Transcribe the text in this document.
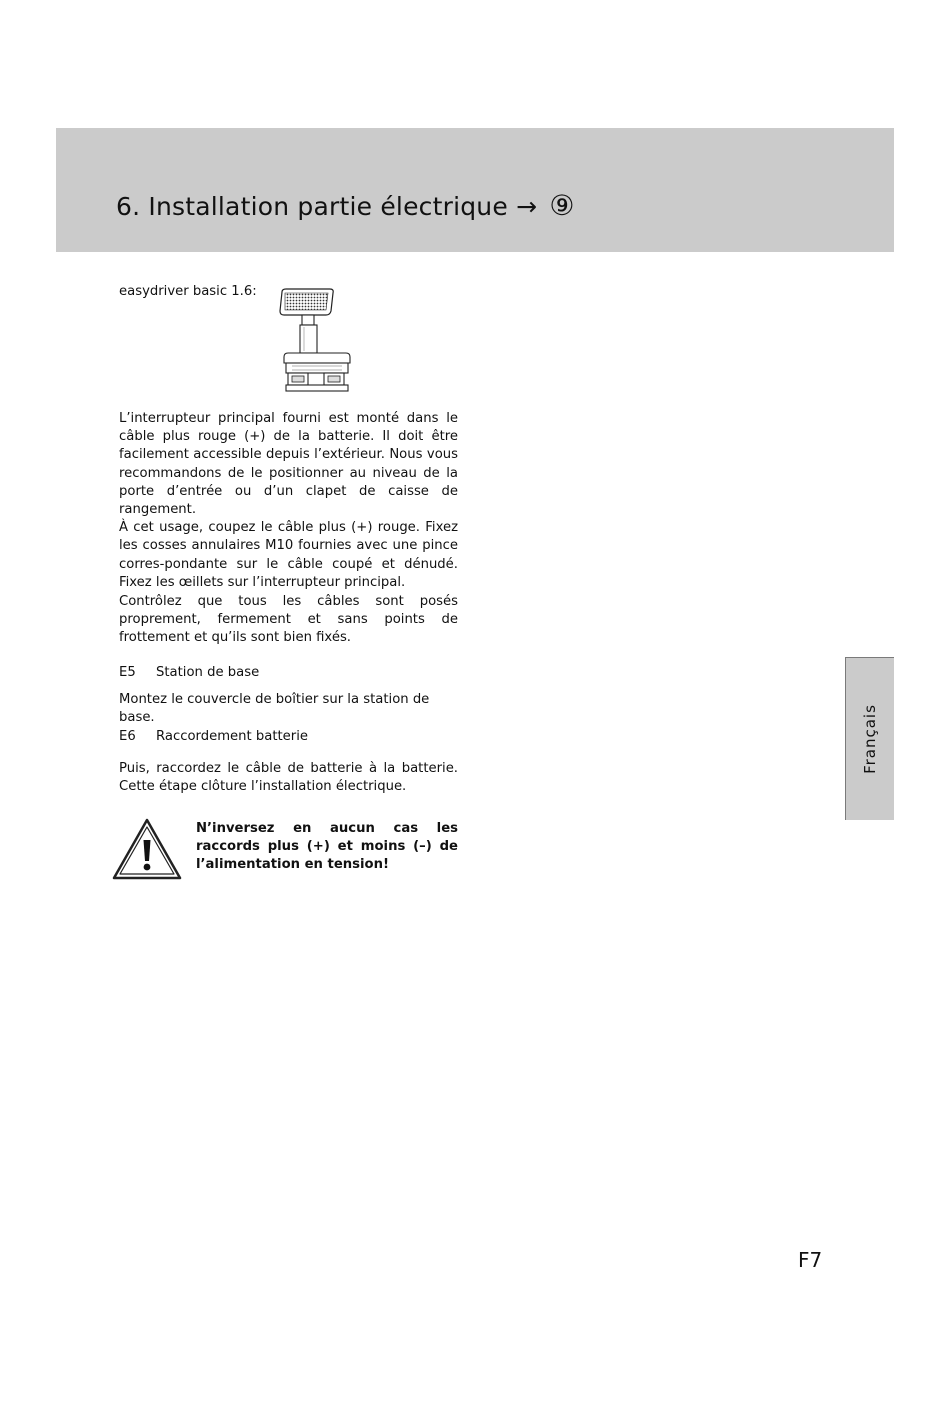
6. Installation partie électrique → ⑨
easydriver basic 1.6:

L’interrupteur principal fourni est monté dans le câble plus rouge (+) de la batterie. Il doit être facilement accessible depuis l’extérieur. Nous vous recommandons de le positionner au niveau de la porte d’entrée ou d’un clapet de caisse de rangement.

À cet usage, coupez le câble plus (+) rouge. Fixez les cosses annulaires M10 fournies avec une pince corres-pondante sur le câble coupé et dénudé. Fixez les œillets sur l’interrupteur principal.

Contrôlez que tous les câbles sont posés proprement, fermement et sans points de frottement et qu’ils sont bien fixés.

E5 Station de base

Montez le couvercle de boîtier sur la station de base.

E6 Raccordement batterie

Puis, raccordez le câble de batterie à la batterie. Cette étape clôture l’installation électrique.

N’inversez en aucun cas les raccords plus (+) et moins (–) de l’alimentation en tension!

Français
F7
